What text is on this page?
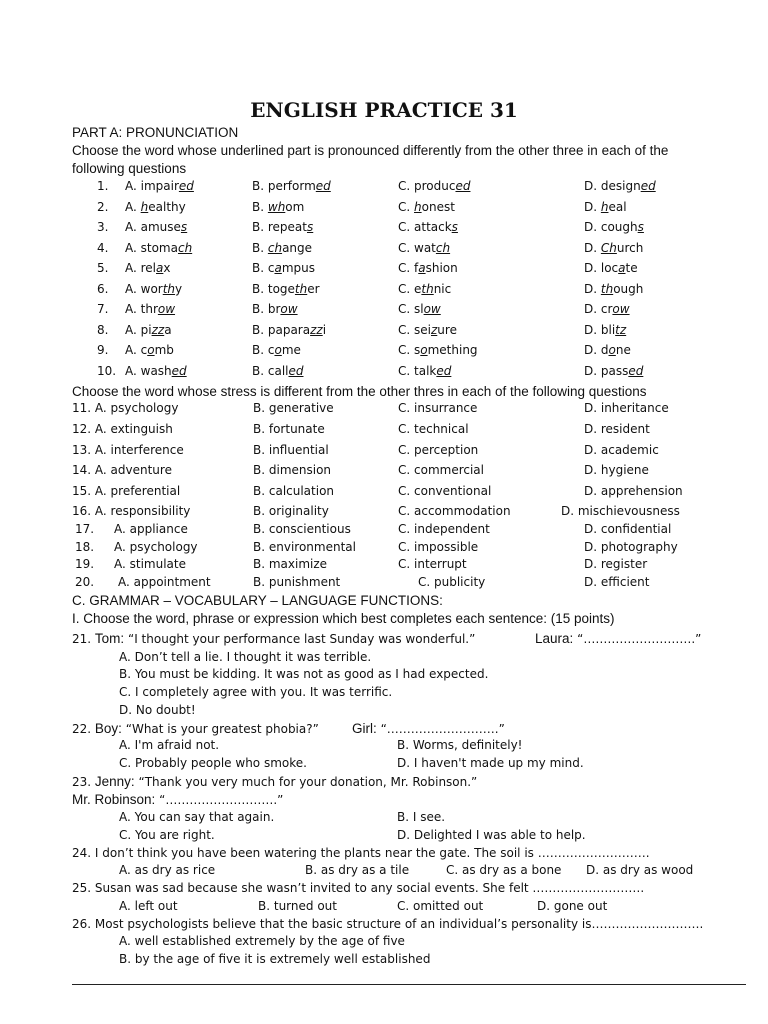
ENGLISH PRACTICE 31
PART A: PRONUNCIATION
Choose the word whose underlined part is pronounced differently from the other three in each of the
following questions
1. A. impaired	B. performed	C. produced	D. designed
2. A. healthy	B. whom	C. honest	D. heal
3. A. amuses	B. repeats	C. attacks	D. coughs
4. A. stomach	B. change	C. watch	D. Church
5. A. relax	B. campus	C. fashion	D. locate
6. A. worthy	B. together	C. ethnic	D. though
7. A. throw	B. brow	C. slow	D. crow
8. A. pizza	B. paparazzi	C. seizure	D. blitz
9. A. comb	B. come	C. something	D. done
10. A. washed	B. called	C. talked	D. passed
Choose the word whose stress is different from the other thres in each of the following questions
11. A. psychology	B. generative	C. insurrance	D. inheritance
12. A. extinguish	B. fortunate	C. technical	D. resident
13. A. interference	B. influential	C. perception	D. academic
14. A. adventure	B. dimension	C. commercial	D. hygiene
15. A. preferential	B. calculation	C. conventional	D. apprehension
16. A. responsibility	B. originality	C. accommodation	D. mischievousness
17. A. appliance	B. conscientious	C. independent	D. confidential
18. A. psychology	B. environmental	C. impossible	D. photography
19. A. stimulate	B. maximize	C. interrupt	D. register
20. A. appointment	B. punishment	C. publicity	D. efficient
C. GRAMMAR – VOCABULARY – LANGUAGE FUNCTIONS:
I. Choose the word, phrase or expression which best completes each sentence: (15 points)
21. Tom: “I thought your performance last Sunday was wonderful.”	Laura: “……………………….”
A. Don’t tell a lie. I thought it was terrible.
B. You must be kidding. It was not as good as I had expected.
C. I completely agree with you. It was terrific.
D. No doubt!
22. Boy: “What is your greatest phobia?” Girl: “……………………….”
A. I'm afraid not.	B. Worms, definitely!
C. Probably people who smoke.	D. I haven't made up my mind.
23. Jenny: “Thank you very much for your donation, Mr. Robinson.”
Mr. Robinson: “……………………….”
A. You can say that again.	B. I see.
C. You are right.	D. Delighted I was able to help.
24. I don’t think you have been watering the plants near the gate. The soil is ……………………….
A. as dry as rice	B. as dry as a tile	C. as dry as a bone D. as dry as wood
25. Susan was sad because she wasn’t invited to any social events. She felt ……………………….
A. left out	B. turned out	C. omitted out	D. gone out
26. Most psychologists believe that the basic structure of an individual’s personality is……………………….
A. well established extremely by the age of five
B. by the age of five it is extremely well established
